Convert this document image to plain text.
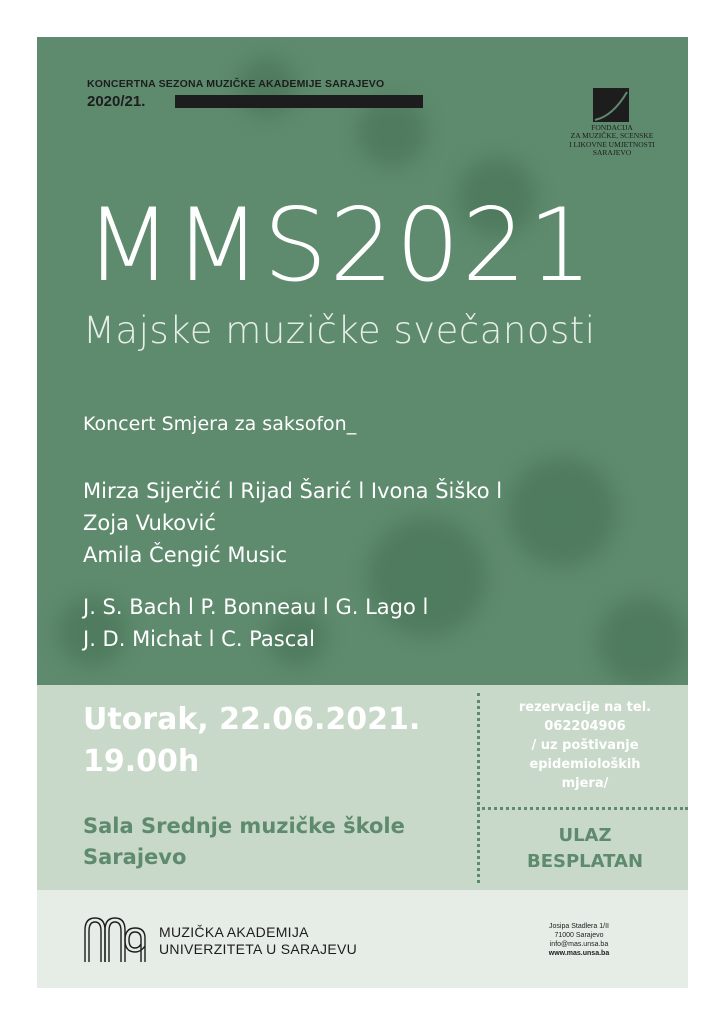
KONCERTNA SEZONA MUZIČKE AKADEMIJE SARAJEVO
2020/21.
FONDACIJA
ZA MUZIČKE, SCENSKE
I LIKOVNE UMJETNOSTI
SARAJEVO
MMS2021
Majske muzičke svečanosti
Koncert Smjera za saksofon_
Mirza Sijerčić l Rijad Šarić l Ivona Šiško l
Zoja Vuković
Amila Čengić Music
J. S. Bach l P. Bonneau l G. Lago l
J. D. Michat l C. Pascal
Utorak, 22.06.2021.
19.00h
Sala Srednje muzičke škole
Sarajevo
rezervacije na tel.
062204906
/ uz poštivanje
epidemioloških
mjera/
ULAZ
BESPLATAN
MUZIČKA AKADEMIJA
UNIVERZITETA U SARAJEVU
Josipa Stadlera 1/II
71000 Sarajevo
info@mas.unsa.ba
www.mas.unsa.ba
